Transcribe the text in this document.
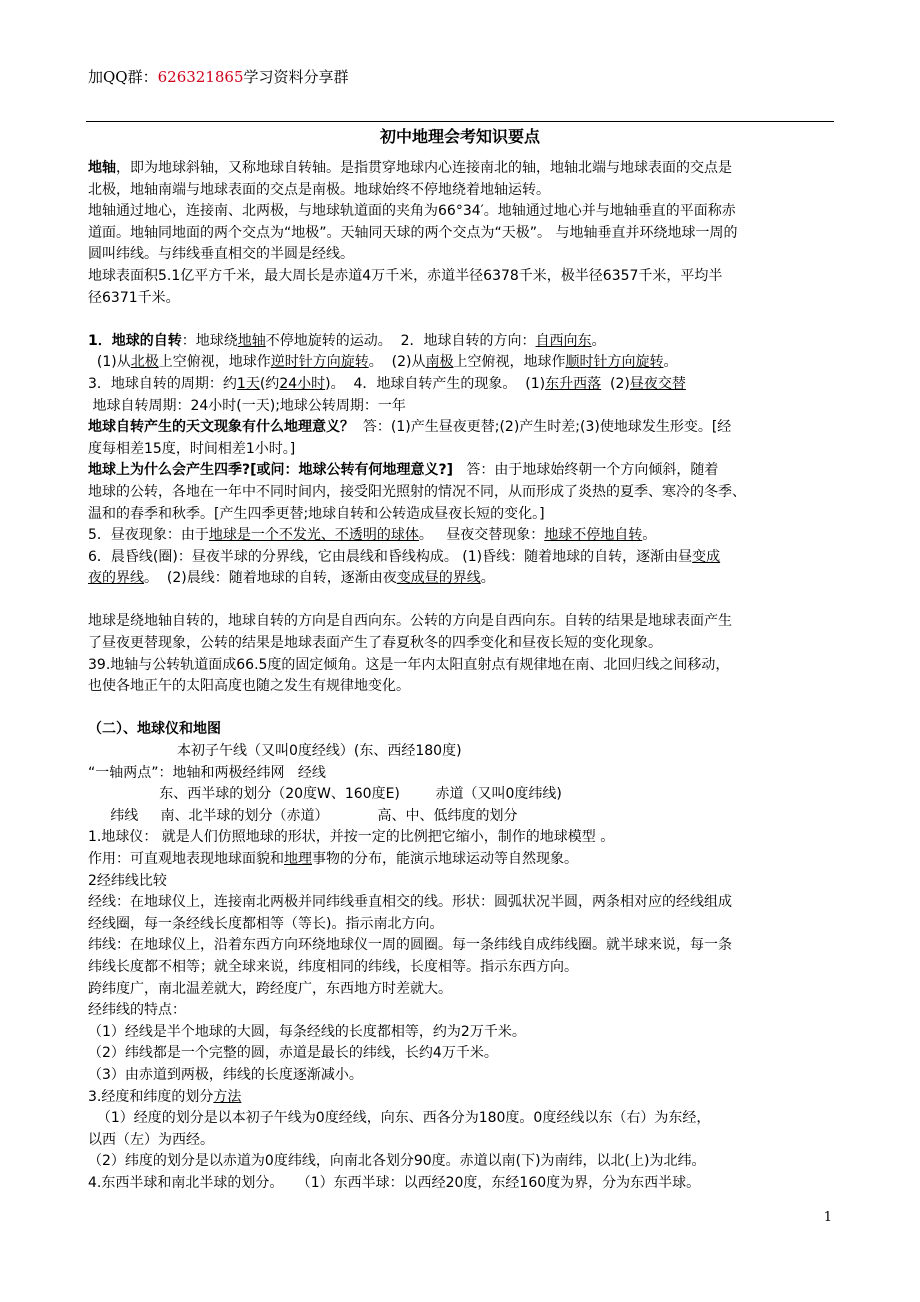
加QQ群：626321865学习资料分享群
初中地理会考知识要点
地轴，即为地球斜轴，又称地球自转轴。是指贯穿地球内心连接南北的轴，地轴北端与地球表面的交点是
北极，地轴南端与地球表面的交点是南极。地球始终不停地绕着地轴运转。
地轴通过地心，连接南、北两极，与地球轨道面的夹角为66°34′。地轴通过地心并与地轴垂直的平面称赤
道面。地轴同地面的两个交点为“地极”。天轴同天球的两个交点为“天极”。 与地轴垂直并环绕地球一周的
圆叫纬线。与纬线垂直相交的半圆是经线。
地球表面积5.1亿平方千米，最大周长是赤道4万千米，赤道半径6378千米，极半径6357千米，平均半
径6371千米。
1．地球的自转：地球绕地轴不停地旋转的运动。  2．地球自转的方向：自西向东。
(1)从北极上空俯视，地球作逆时针方向旋转。  (2)从南极上空俯视，地球作顺时针方向旋转。
3．地球自转的周期：约1天(约24小时)。  4．地球自转产生的现象。  (1)东升西落  (2)昼夜交替
地球自转周期：24小时(一天);地球公转周期：一年
地球自转产生的天文现象有什么地理意义？  答：(1)产生昼夜更替;(2)产生时差;(3)使地球发生形变。[经
度每相差15度，时间相差1小时。]
地球上为什么会产生四季?[或问：地球公转有何地理意义?]   答：由于地球始终朝一个方向倾斜，随着
地球的公转，各地在一年中不同时间内，接受阳光照射的情况不同，从而形成了炎热的夏季、寒冷的冬季、
温和的春季和秋季。[产生四季更替;地球自转和公转造成昼夜长短的变化。]
5．昼夜现象：由于地球是一个不发光、不透明的球体。   昼夜交替现象：地球不停地自转。
6．晨昏线(圈)：昼夜半球的分界线，它由晨线和昏线构成。 (1)昏线：随着地球的自转，逐渐由昼变成
夜的界线。  (2)晨线：随着地球的自转，逐渐由夜变成昼的界线。
地球是绕地轴自转的，地球自转的方向是自西向东。公转的方向是自西向东。自转的结果是地球表面产生
了昼夜更替现象，公转的结果是地球表面产生了春夏秋冬的四季变化和昼夜长短的变化现象。
39.地轴与公转轨道面成66.5度的固定倾角。这是一年内太阳直射点有规律地在南、北回归线之间移动，
也使各地正午的太阳高度也随之发生有规律地变化。
（二）、地球仪和地图
本初子午线（又叫0度经线）(东、西经180度)
“一轴两点”：地轴和两极经纬网   经线
东、西半球的划分（20度W、160度E)        赤道（又叫0度纬线)
纬线     南、北半球的划分（赤道）           高、中、低纬度的划分
1.地球仪： 就是人们仿照地球的形状，并按一定的比例把它缩小，制作的地球模型 。
作用：可直观地表现地球面貌和地理事物的分布，能演示地球运动等自然现象。
2经纬线比较
经线：在地球仪上，连接南北两极并同纬线垂直相交的线。形状：圆弧状况半圆，两条相对应的经线组成
经线圈，每一条经线长度都相等（等长)。指示南北方向。
纬线：在地球仪上，沿着东西方向环绕地球仪一周的圆圈。每一条纬线自成纬线圈。就半球来说，每一条
纬线长度都不相等；就全球来说，纬度相同的纬线，长度相等。指示东西方向。
跨纬度广，南北温差就大，跨经度广，东西地方时差就大。
经纬线的特点：
（1）经线是半个地球的大圆，每条经线的长度都相等，约为2万千米。
（2）纬线都是一个完整的圆，赤道是最长的纬线，长约4万千米。
（3）由赤道到两极，纬线的长度逐渐减小。
3.经度和纬度的划分方法
（1）经度的划分是以本初子午线为0度经线，向东、西各分为180度。0度经线以东（右）为东经，
以西（左）为西经。
（2）纬度的划分是以赤道为0度纬线，向南北各划分90度。赤道以南(下)为南纬，以北(上)为北纬。
4.东西半球和南北半球的划分。   （1）东西半球：以西经20度，东经160度为界，分为东西半球。
1
